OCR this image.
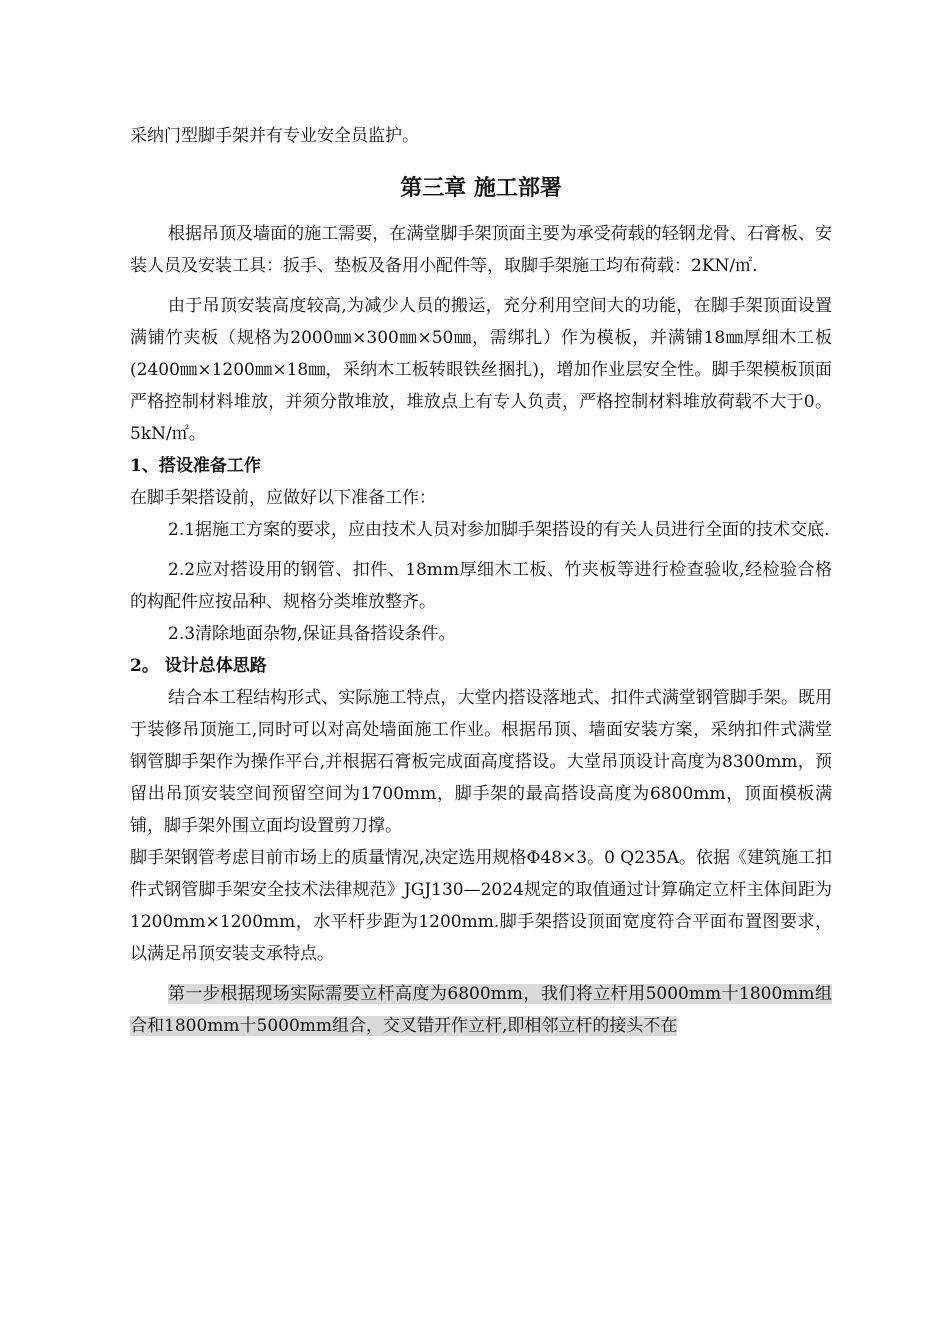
采纳门型脚手架并有专业安全员监护。

第三章 施工部署

根据吊顶及墙面的施工需要，在满堂脚手架顶面主要为承受荷载的轻钢龙骨、石膏板、安装人员及安装工具：扳手、垫板及备用小配件等，取脚手架施工均布荷载：2KN/㎡.

由于吊顶安装高度较高,为减少人员的搬运，充分利用空间大的功能，在脚手架顶面设置满铺竹夹板（规格为2000㎜×300㎜×50㎜，需绑扎）作为模板，并满铺18㎜厚细木工板(2400㎜×1200㎜×18㎜，采纳木工板转眼铁丝捆扎)，增加作业层安全性。脚手架模板顶面严格控制材料堆放，并须分散堆放，堆放点上有专人负责，严格控制材料堆放荷载不大于0。5kN/㎡。

1、搭设准备工作

在脚手架搭设前，应做好以下准备工作：

2.1据施工方案的要求，应由技术人员对参加脚手架搭设的有关人员进行全面的技术交底.

2.2应对搭设用的钢管、扣件、18mm厚细木工板、竹夹板等进行检查验收,经检验合格的构配件应按品种、规格分类堆放整齐。

2.3清除地面杂物,保证具备搭设条件。

2。 设计总体思路

结合本工程结构形式、实际施工特点，大堂内搭设落地式、扣件式满堂钢管脚手架。既用于装修吊顶施工,同时可以对高处墙面施工作业。根据吊顶、墙面安装方案，采纳扣件式满堂钢管脚手架作为操作平台,并根据石膏板完成面高度搭设。大堂吊顶设计高度为8300mm，预留出吊顶安装空间预留空间为1700mm，脚手架的最高搭设高度为6800mm，顶面模板满铺，脚手架外围立面均设置剪刀撑。

脚手架钢管考虑目前市场上的质量情况,决定选用规格Φ48×3。0 Q235A。依据《建筑施工扣件式钢管脚手架安全技术法律规范》JGJ130—2024规定的取值通过计算确定立杆主体间距为1200mm×1200mm，水平杆步距为1200mm.脚手架搭设顶面宽度符合平面布置图要求，以满足吊顶安装支承特点。

第一步根据现场实际需要立杆高度为6800mm，我们将立杆用5000mm十1800mm组合和1800mm十5000mm组合，交叉错开作立杆,即相邻立杆的接头不在
